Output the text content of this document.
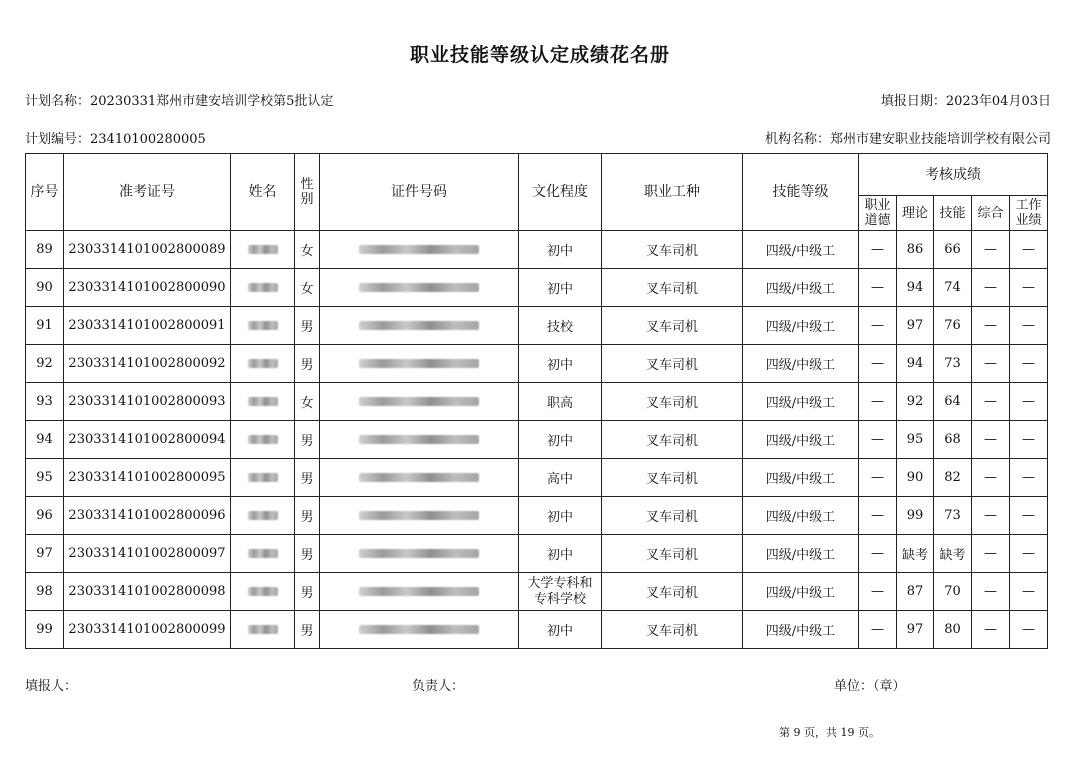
职业技能等级认定成绩花名册
计划名称：20230331郑州市建安培训学校第5批认定	填报日期：2023年04月03日
计划编号：23410100280005	机构名称：郑州市建安职业技能培训学校有限公司
序号	准考证号	姓名	性别	证件号码	文化程度	职业工种	技能等级	考核成绩				
								职业道德	理论	技能	综合	工作业绩
89	2303314101002800089		女		初中	叉车司机	四级/中级工	—	86	66	—	—
90	2303314101002800090		女		初中	叉车司机	四级/中级工	—	94	74	—	—
91	2303314101002800091		男		技校	叉车司机	四级/中级工	—	97	76	—	—
92	2303314101002800092		男		初中	叉车司机	四级/中级工	—	94	73	—	—
93	2303314101002800093		女		职高	叉车司机	四级/中级工	—	92	64	—	—
94	2303314101002800094		男		初中	叉车司机	四级/中级工	—	95	68	—	—
95	2303314101002800095		男		高中	叉车司机	四级/中级工	—	90	82	—	—
96	2303314101002800096		男		初中	叉车司机	四级/中级工	—	99	73	—	—
97	2303314101002800097		男		初中	叉车司机	四级/中级工	—	缺考	缺考	—	—
98	2303314101002800098		男		大学专科和专科学校	叉车司机	四级/中级工	—	87	70	—	—
99	2303314101002800099		男		初中	叉车司机	四级/中级工	—	97	80	—	—
填报人：	负责人：	单位：（章）
第 9 页，共 19 页。
